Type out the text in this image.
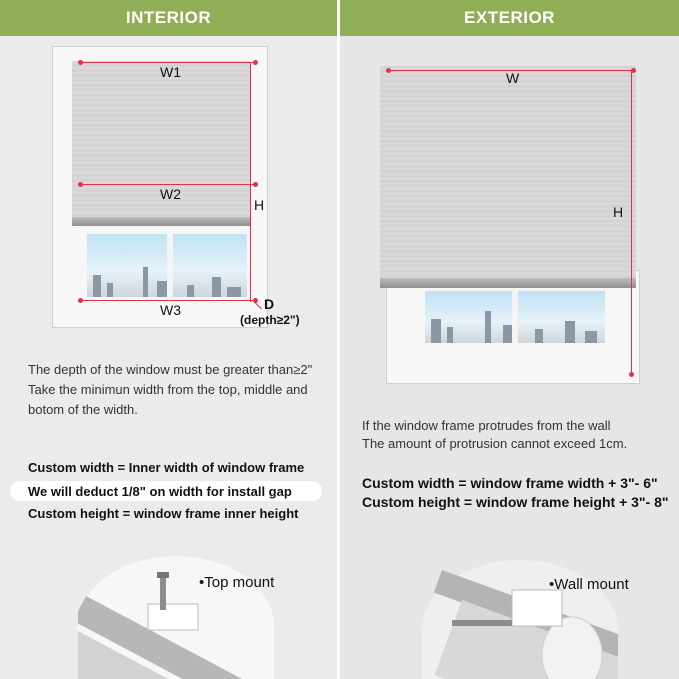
INTERIOR
W1
W2
H
W3	D
(depth≥2")
The depth of the window must be greater than≥2"
Take the minimun width from the top, middle and
botom of the width.
Custom width = Inner width of window frame
We will deduct 1/8" on width for install gap
Custom height = window frame inner height
•Top mount
EXTERIOR
W
H
If the window frame protrudes from the wall
The amount of protrusion cannot exceed 1cm.
Custom width = window frame width + 3"- 6"
Custom height = window frame height + 3"- 8"
•Wall mount
